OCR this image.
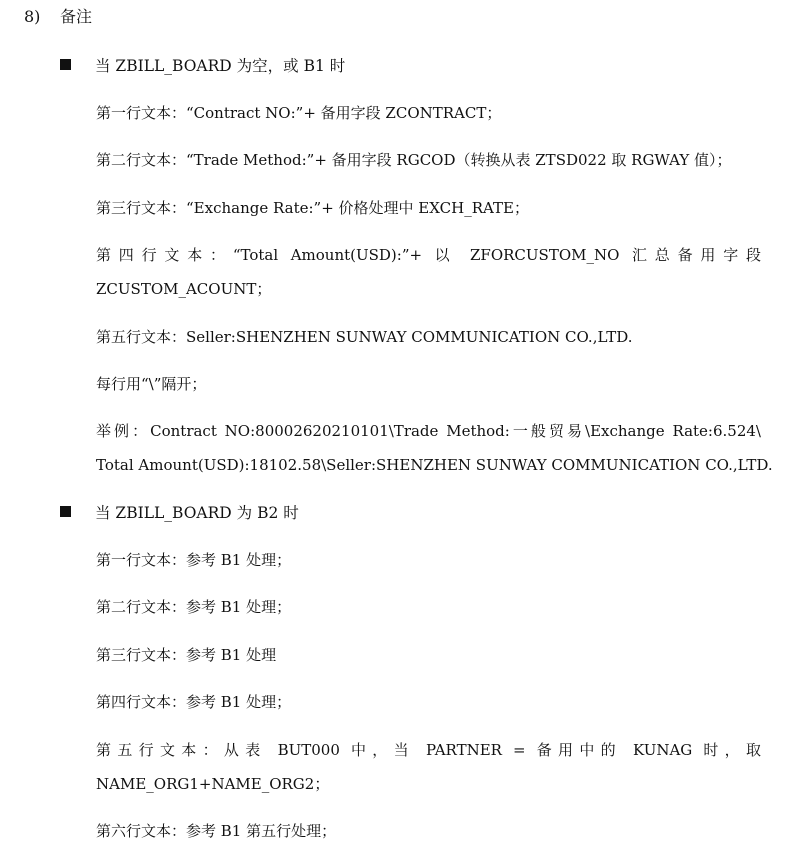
8) 备注
当 ZBILL_BOARD 为空，或 B1 时
第一行文本：“Contract NO:”+ 备用字段 ZCONTRACT；
第二行文本：“Trade Method:”+ 备用字段 RGCOD（转换从表 ZTSD022 取 RGWAY 值）；
第三行文本：“Exchange Rate:”+ 价格处理中 EXCH_RATE；
第四行文本：“Total Amount(USD):”+ 以 ZFORCUSTOM_NO 汇总备用字段
ZCUSTOM_ACOUNT；
第五行文本：Seller:SHENZHEN SUNWAY COMMUNICATION CO.,LTD.
每行用“\”隔开；
举例：Contract NO:80002620210101\Trade Method:一般贸易\Exchange Rate:6.524\
Total Amount(USD):18102.58\Seller:SHENZHEN SUNWAY COMMUNICATION CO.,LTD.
当 ZBILL_BOARD 为 B2 时
第一行文本：参考 B1 处理；
第二行文本：参考 B1 处理；
第三行文本：参考 B1 处理
第四行文本：参考 B1 处理；
第五行文本：从表 BUT000 中，当 PARTNER = 备用中的 KUNAG 时，取
NAME_ORG1+NAME_ORG2；
第六行文本：参考 B1 第五行处理；
